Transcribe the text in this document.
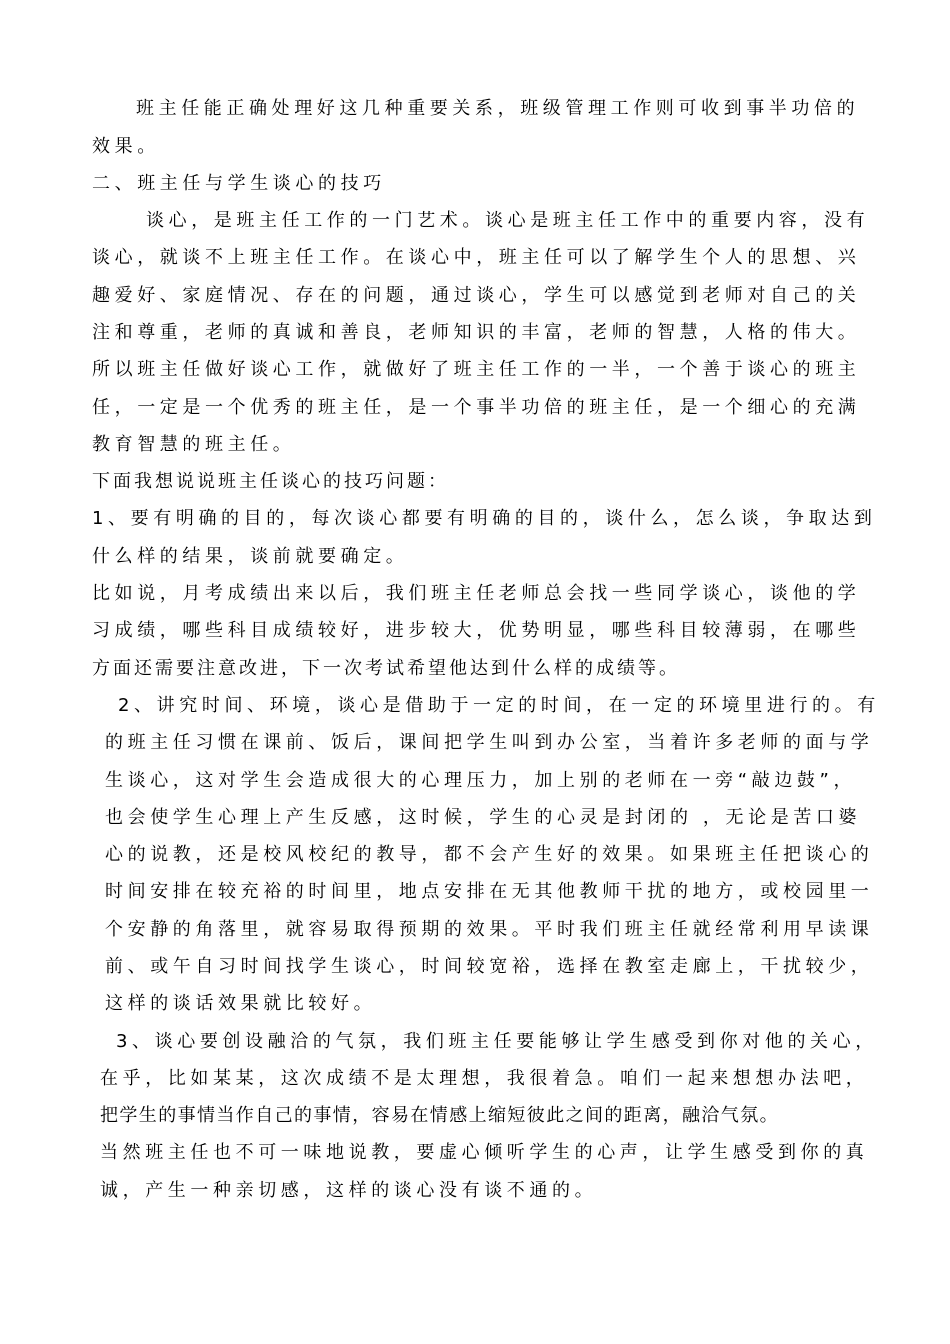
班主任能正确处理好这几种重要关系，班级管理工作则可收到事半功倍的
效果。
二、班主任与学生谈心的技巧
谈心，是班主任工作的一门艺术。谈心是班主任工作中的重要内容，没有
谈心，就谈不上班主任工作。在谈心中，班主任可以了解学生个人的思想、兴
趣爱好、家庭情况、存在的问题，通过谈心，学生可以感觉到老师对自己的关
注和尊重，老师的真诚和善良，老师知识的丰富，老师的智慧，人格的伟大。
所以班主任做好谈心工作，就做好了班主任工作的一半，一个善于谈心的班主
任，一定是一个优秀的班主任，是一个事半功倍的班主任，是一个细心的充满
教育智慧的班主任。
下面我想说说班主任谈心的技巧问题：
1、要有明确的目的，每次谈心都要有明确的目的，谈什么，怎么谈，争取达到
什么样的结果，谈前就要确定。
比如说，月考成绩出来以后，我们班主任老师总会找一些同学谈心，谈他的学
习成绩，哪些科目成绩较好，进步较大，优势明显，哪些科目较薄弱，在哪些
方面还需要注意改进，下一次考试希望他达到什么样的成绩等。
2、讲究时间、环境，谈心是借助于一定的时间，在一定的环境里进行的。有
的班主任习惯在课前、饭后，课间把学生叫到办公室，当着许多老师的面与学
生谈心，这对学生会造成很大的心理压力，加上别的老师在一旁“敲边鼓”，
也会使学生心理上产生反感，这时候，学生的心灵是封闭的 ，无论是苦口婆
心的说教，还是校风校纪的教导，都不会产生好的效果。如果班主任把谈心的
时间安排在较充裕的时间里，地点安排在无其他教师干扰的地方，或校园里一
个安静的角落里，就容易取得预期的效果。平时我们班主任就经常利用早读课
前、或午自习时间找学生谈心，时间较宽裕，选择在教室走廊上，干扰较少，
这样的谈话效果就比较好。
3、谈心要创设融洽的气氛，我们班主任要能够让学生感受到你对他的关心，
在乎，比如某某，这次成绩不是太理想，我很着急。咱们一起来想想办法吧，
把学生的事情当作自己的事情，容易在情感上缩短彼此之间的距离，融洽气氛。
当然班主任也不可一味地说教，要虚心倾听学生的心声，让学生感受到你的真
诚，产生一种亲切感，这样的谈心没有谈不通的。
